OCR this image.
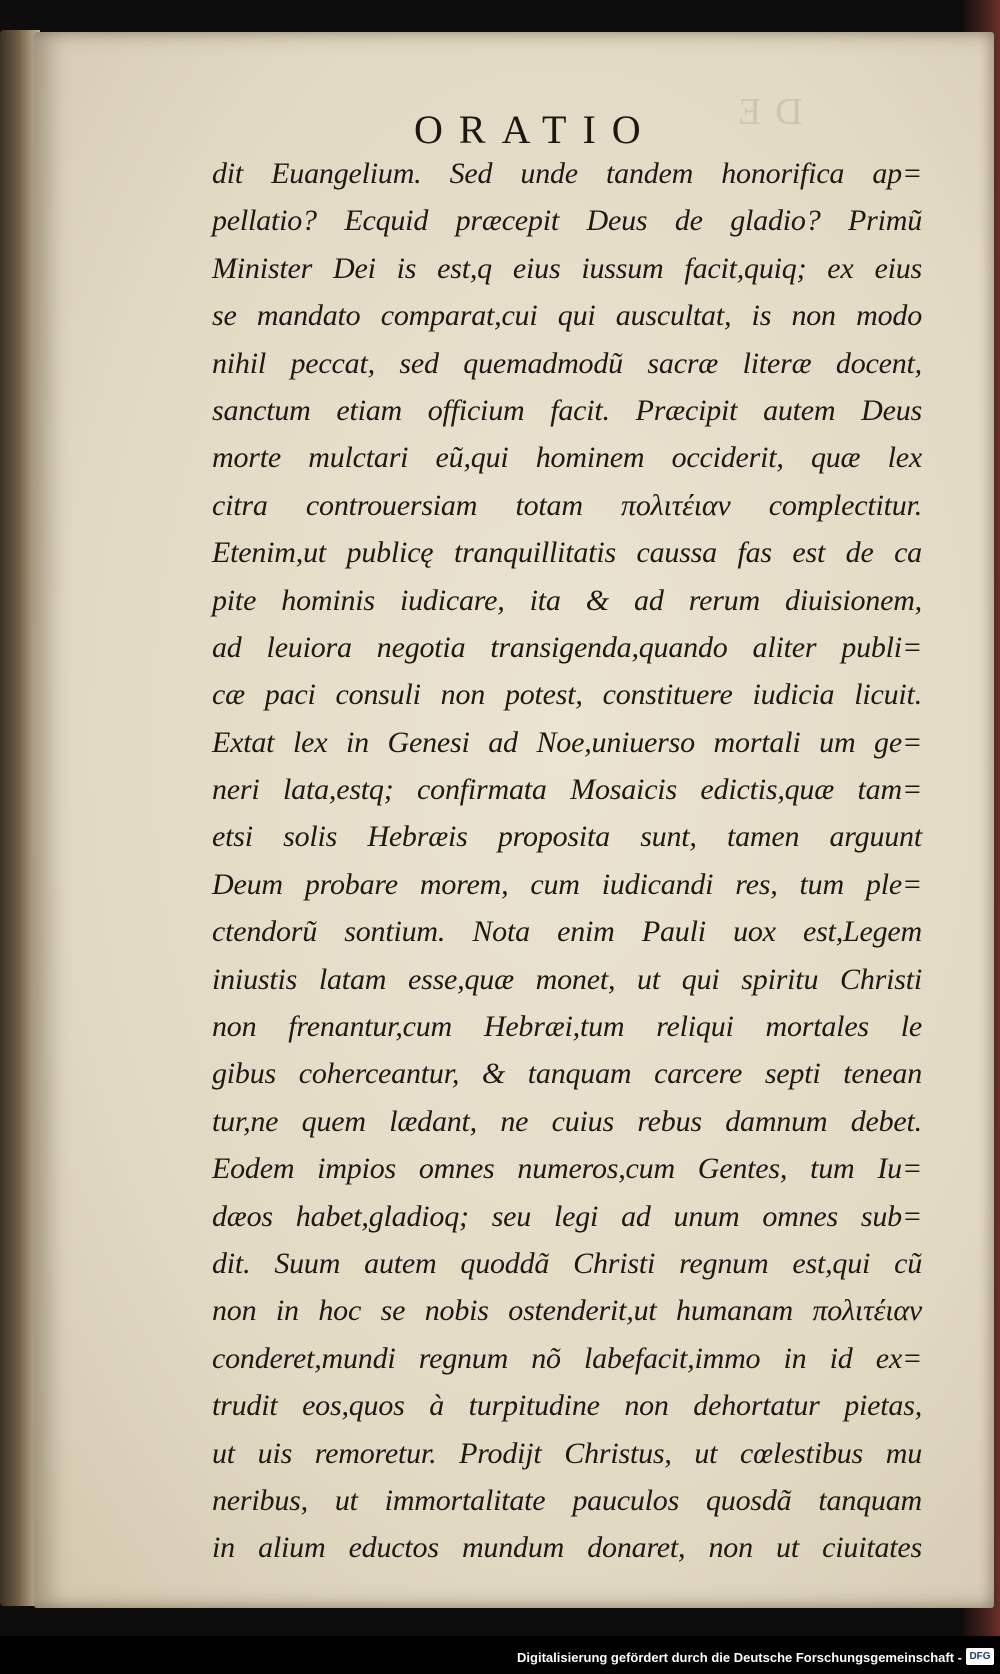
DE
ORATIO
dit Euangelium. Sed unde tandem honorifica ap=
pellatio? Ecquid præcepit Deus de gladio? Primũ
Minister Dei is est,q eius iussum facit,quiq; ex eius
se mandato comparat,cui qui auscultat, is non modo
nihil peccat, sed quemadmodũ sacræ literæ docent,
sanctum etiam officium facit. Præcipit autem Deus
morte mulctari eũ,qui hominem occiderit, quæ lex
citra controuersiam totam πολιτέιαν complectitur.
Etenim,ut publicę tranquillitatis caussa fas est de ca
pite hominis iudicare, ita & ad rerum diuisionem,
ad leuiora negotia transigenda,quando aliter publi=
cæ paci consuli non potest, constituere iudicia licuit.
Extat lex in Genesi ad Noe,uniuerso mortali um ge=
neri lata,estq; confirmata Mosaicis edictis,quæ tam=
etsi solis Hebræis proposita sunt, tamen arguunt
Deum probare morem, cum iudicandi res, tum ple=
ctendorũ sontium. Nota enim Pauli uox est,Legem
iniustis latam esse,quæ monet, ut qui spiritu Christi
non frenantur,cum Hebræi,tum reliqui mortales le
gibus coherceantur, & tanquam carcere septi tenean
tur,ne quem lædant, ne cuius rebus damnum debet.
Eodem impios omnes numeros,cum Gentes, tum Iu=
dæos habet,gladioq; seu legi ad unum omnes sub=
dit. Suum autem quoddã Christi regnum est,qui cũ
non in hoc se nobis ostenderit,ut humanam πολιτέιαν
conderet,mundi regnum nõ labefacit,immo in id ex=
trudit eos,quos à turpitudine non dehortatur pietas,
ut uis remoretur. Prodijt Christus, ut cœlestibus mu
neribus, ut immortalitate pauculos quosdã tanquam
in alium eductos mundum donaret, non ut ciuitates
Digitalisierung gefördert durch die Deutsche Forschungsgemeinschaft - DFG
